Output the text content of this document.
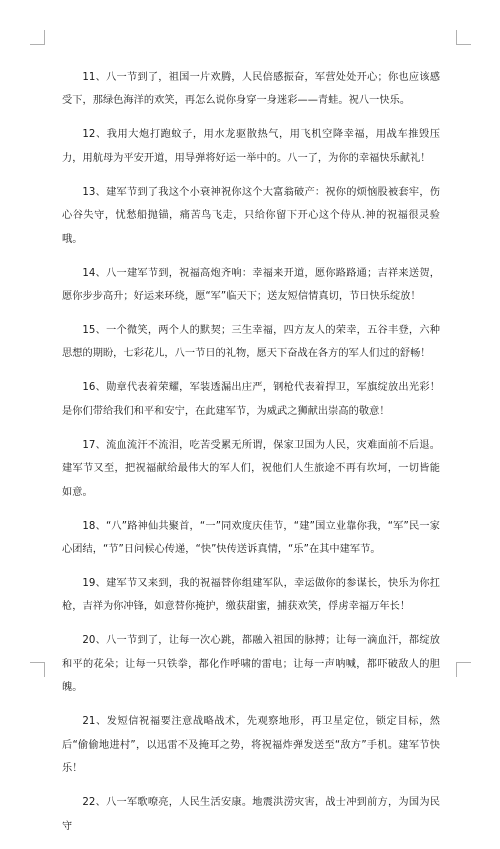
11、八一节到了，祖国一片欢腾，人民倍感振奋，军营处处开心；你也应该感受下，那绿色海洋的欢笑，再怎么说你身穿一身迷彩——青蛙。祝八一快乐。

12、我用大炮打跑蚊子，用水龙驱散热气，用飞机空降幸福，用战车推毁压力，用航母为平安开道，用导弹将好运一举中的。八一了，为你的幸福快乐献礼！

13、建军节到了我这个小衰神祝你这个大富翁破产：祝你的烦恼股被套牢，伤心谷失守，忧愁船抛锚，痛苦鸟飞走，只给你留下开心这个侍从.神的祝福很灵验哦。

14、八一建军节到，祝福高炮齐响：幸福来开道，愿你路路通；吉祥来送贺，愿你步步高升；好运来环绕，愿“军”临天下；送友短信情真切，节日快乐绽放！

15、一个微笑，两个人的默契；三生幸福，四方友人的荣幸，五谷丰登，六种思想的期盼，七彩花儿，八一节日的礼物，愿天下奋战在各方的军人们过的舒畅！

16、勋章代表着荣耀，军装透漏出庄严，钢枪代表着捍卫，军旗绽放出光彩！是你们带给我们和平和安宁，在此建军节，为威武之狮献出崇高的敬意！

17、流血流汗不流泪，吃苦受累无所谓，保家卫国为人民，灾难面前不后退。建军节又至，把祝福献给最伟大的军人们，祝他们人生旅途不再有坎坷，一切皆能如意。

18、“八”路神仙共聚首，“一”同欢度庆佳节，“建”国立业靠你我，“军”民一家心团结，“节”日问候心传递，“快”快传送诉真情，“乐”在其中建军节。

19、建军节又来到，我的祝福替你组建军队，幸运做你的参谋长，快乐为你扛枪，吉祥为你冲锋，如意替你掩护，缴获甜蜜，捕获欢笑，俘虏幸福万年长！

20、八一节到了，让每一次心跳，都融入祖国的脉搏；让每一滴血汗，都绽放和平的花朵；让每一只铁拳，都化作呼啸的雷电；让每一声呐喊，都吓破敌人的胆魄。

21、发短信祝福要注意战略战术，先观察地形，再卫星定位，锁定目标，然后“偷偷地进村”，以迅雷不及掩耳之势，将祝福炸弹发送至“敌方”手机。建军节快乐！

22、八一军歌嘹亮，人民生活安康。地震洪涝灾害，战士冲到前方，为国为民守
